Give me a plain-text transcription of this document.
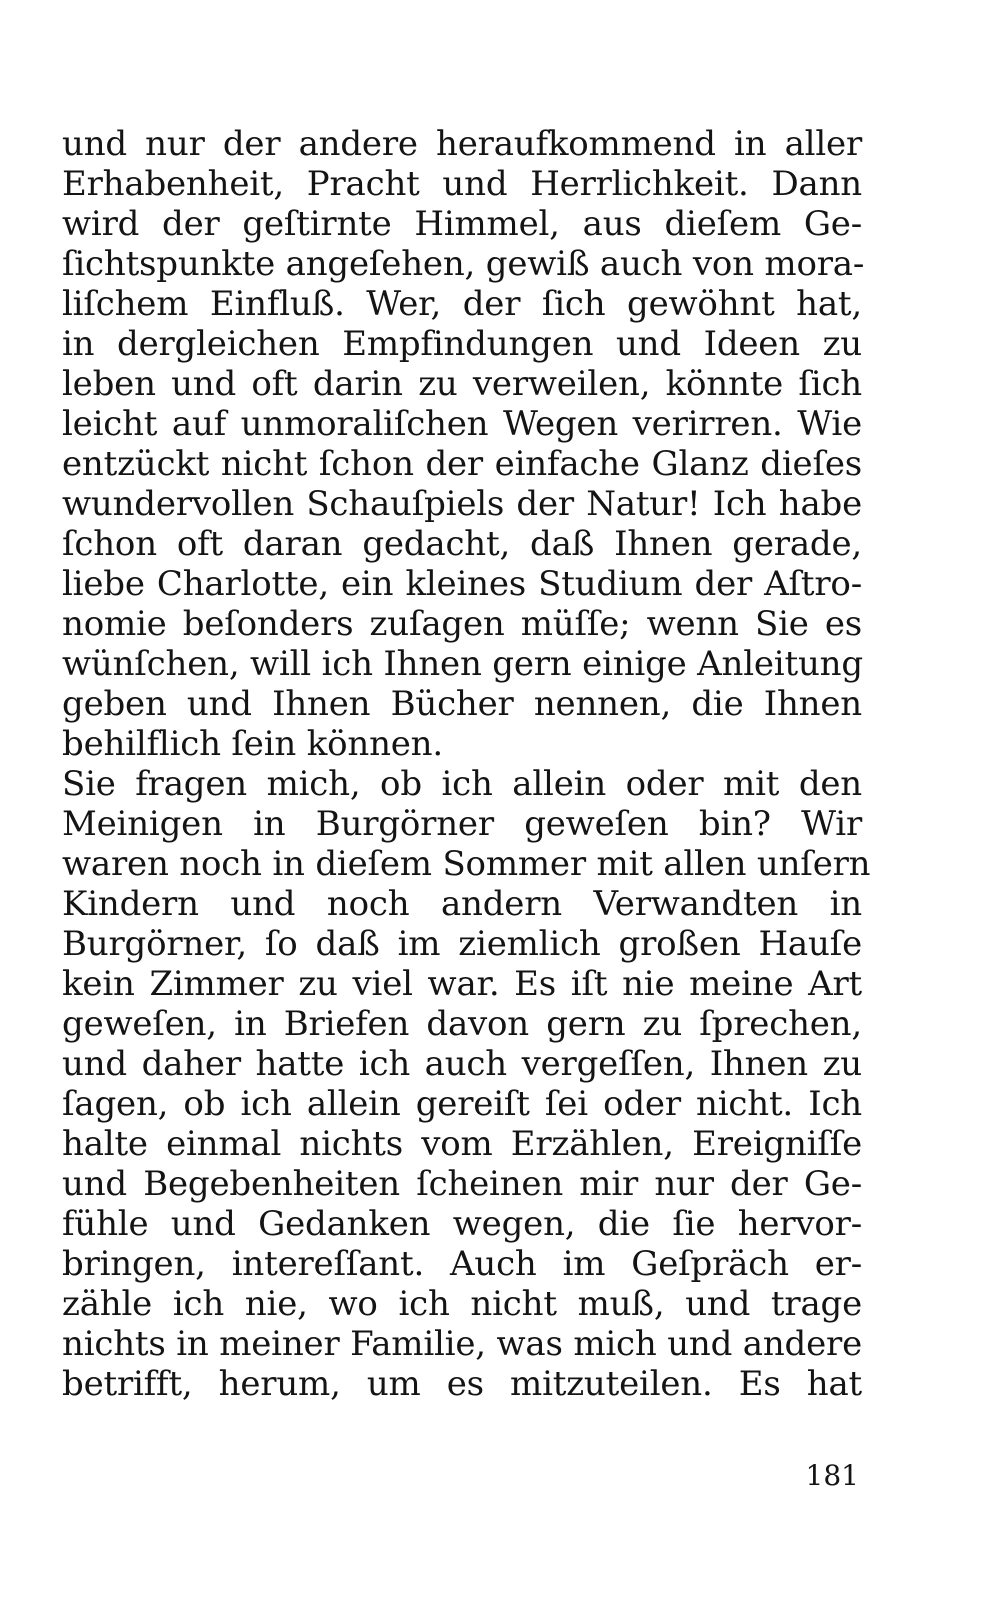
und nur der andere heraufkommend in aller
Erhabenheit, Pracht und Herrlichkeit. Dann
wird der geſtirnte Himmel, aus dieſem Ge-
ſichtspunkte angeſehen, gewiß auch von mora-
liſchem Einfluß. Wer, der ſich gewöhnt hat,
in dergleichen Empfindungen und Ideen zu
leben und oft darin zu verweilen, könnte ſich
leicht auf unmoraliſchen Wegen verirren. Wie
entzückt nicht ſchon der einfache Glanz dieſes
wundervollen Schauſpiels der Natur! Ich habe
ſchon oft daran gedacht, daß Ihnen gerade,
liebe Charlotte, ein kleines Studium der Aſtro-
nomie beſonders zuſagen müſſe; wenn Sie es
wünſchen, will ich Ihnen gern einige Anleitung
geben und Ihnen Bücher nennen, die Ihnen
behilflich ſein können.
Sie fragen mich, ob ich allein oder mit den
Meinigen in Burgörner geweſen bin? Wir
waren noch in dieſem Sommer mit allen unſern
Kindern und noch andern Verwandten in
Burgörner, ſo daß im ziemlich großen Hauſe
kein Zimmer zu viel war. Es iſt nie meine Art
geweſen, in Briefen davon gern zu ſprechen,
und daher hatte ich auch vergeſſen, Ihnen zu
ſagen, ob ich allein gereiſt ſei oder nicht. Ich
halte einmal nichts vom Erzählen, Ereigniſſe
und Begebenheiten ſcheinen mir nur der Ge-
fühle und Gedanken wegen, die ſie hervor-
bringen, intereſſant. Auch im Geſpräch er-
zähle ich nie, wo ich nicht muß, und trage
nichts in meiner Familie, was mich und andere
betrifft, herum, um es mitzuteilen. Es hat
181
